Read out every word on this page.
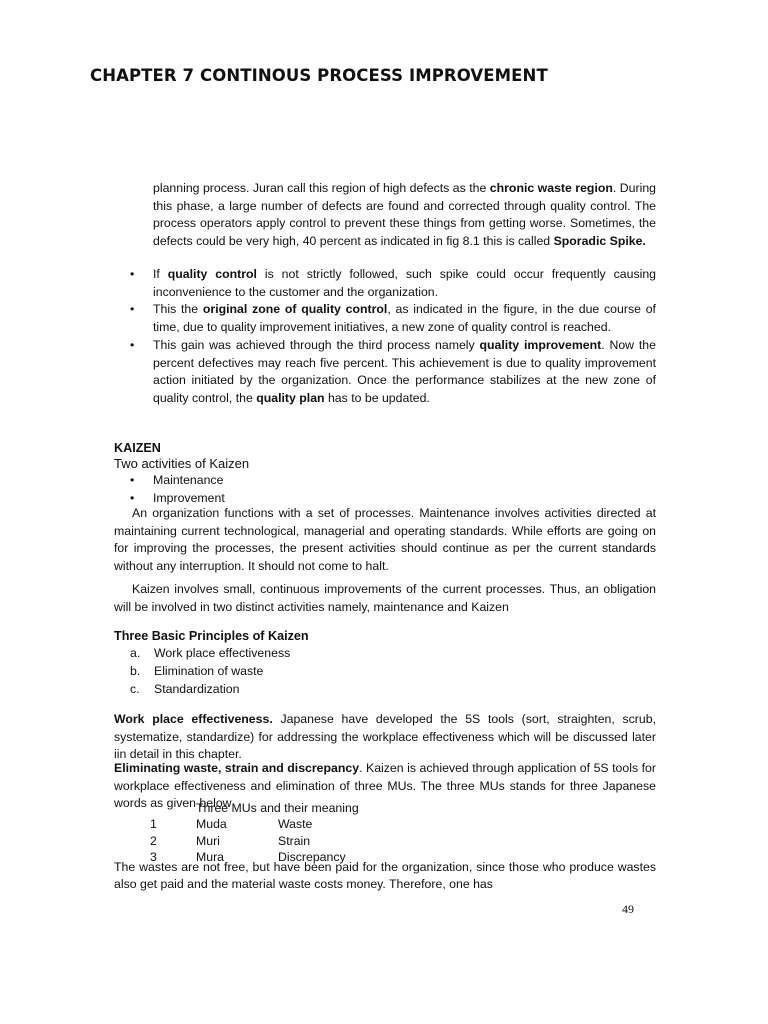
CHAPTER 7 CONTINOUS PROCESS IMPROVEMENT
planning process. Juran call this region of high defects as the chronic waste region. During this phase, a large number of defects are found and corrected through quality control. The process operators apply control to prevent these things from getting worse. Sometimes, the defects could be very high, 40 percent as indicated in fig 8.1 this is called Sporadic Spike.
• If quality control is not strictly followed, such spike could occur frequently causing inconvenience to the customer and the organization.
• This the original zone of quality control, as indicated in the figure, in the due course of time, due to quality improvement initiatives, a new zone of quality control is reached.
• This gain was achieved through the third process namely quality improvement. Now the percent defectives may reach five percent. This achievement is due to quality improvement action initiated by the organization. Once the performance stabilizes at the new zone of quality control, the quality plan has to be updated.
KAIZEN
Two activities of Kaizen
• Maintenance
• Improvement
An organization functions with a set of processes. Maintenance involves activities directed at maintaining current technological, managerial and operating standards. While efforts are going on for improving the processes, the present activities should continue as per the current standards without any interruption. It should not come to halt.
Kaizen involves small, continuous improvements of the current processes. Thus, an obligation will be involved in two distinct activities namely, maintenance and Kaizen
Three Basic Principles of Kaizen
a. Work place effectiveness
b. Elimination of waste
c. Standardization
Work place effectiveness. Japanese have developed the 5S tools (sort, straighten, scrub, systematize, standardize) for addressing the workplace effectiveness which will be discussed later iin detail in this chapter.
Eliminating waste, strain and discrepancy. Kaizen is achieved through application of 5S tools for workplace effectiveness and elimination of three MUs. The three MUs stands for three Japanese words as given below
Three MUs and their meaning
1	Muda	Waste
2	Muri	Strain
3	Mura	Discrepancy
The wastes are not free, but have been paid for the organization, since those who produce wastes also get paid and the material waste costs money. Therefore, one has
49
